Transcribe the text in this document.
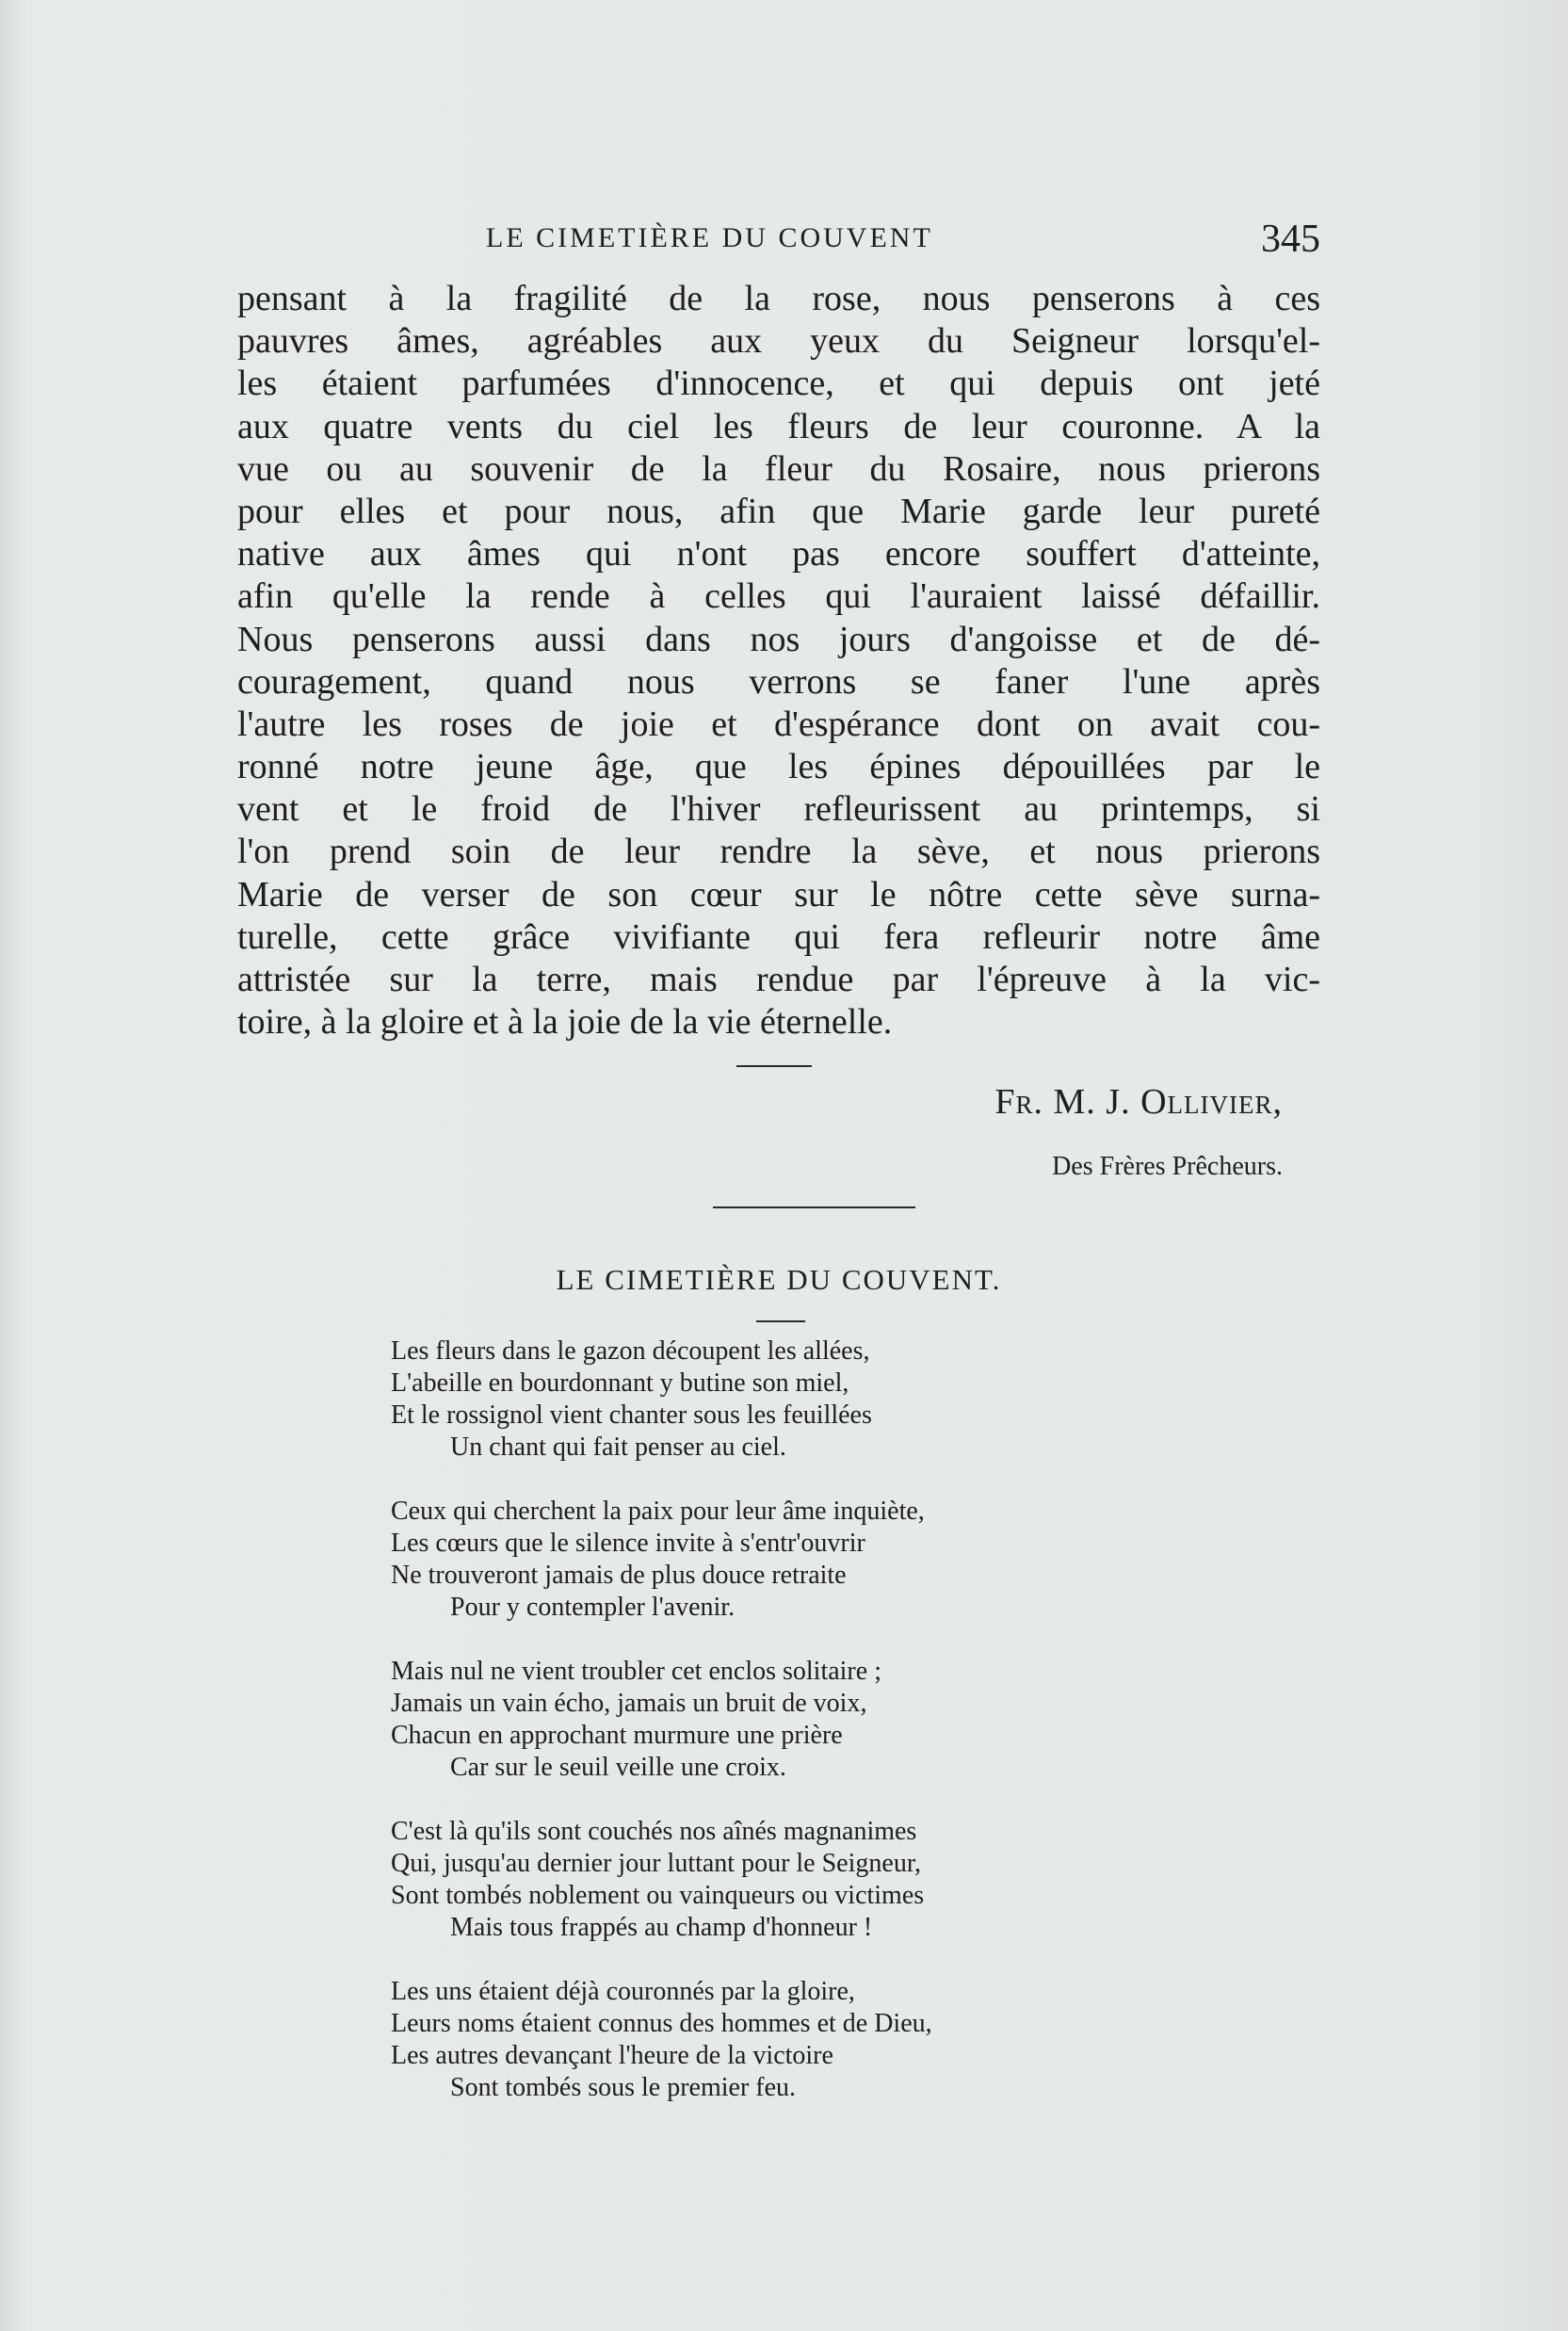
LE CIMETIÈRE DU COUVENT	345
pensant à la fragilité de la rose, nous penserons à ces
pauvres âmes, agréables aux yeux du Seigneur lorsqu'el-
les étaient parfumées d'innocence, et qui depuis ont jeté
aux quatre vents du ciel les fleurs de leur couronne. A la
vue ou au souvenir de la fleur du Rosaire, nous prierons
pour elles et pour nous, afin que Marie garde leur pureté
native aux âmes qui n'ont pas encore souffert d'atteinte,
afin qu'elle la rende à celles qui l'auraient laissé défaillir.
Nous penserons aussi dans nos jours d'angoisse et de dé-
couragement, quand nous verrons se faner l'une après
l'autre les roses de joie et d'espérance dont on avait cou-
ronné notre jeune âge, que les épines dépouillées par le
vent et le froid de l'hiver refleurissent au printemps, si
l'on prend soin de leur rendre la sève, et nous prierons
Marie de verser de son cœur sur le nôtre cette sève surna-
turelle, cette grâce vivifiante qui fera refleurir notre âme
attristée sur la terre, mais rendue par l'épreuve à la vic-
toire, à la gloire et à la joie de la vie éternelle.
Fr. M. J. Ollivier,
Des Frères Prêcheurs.
LE CIMETIÈRE DU COUVENT.
Les fleurs dans le gazon découpent les allées,
L'abeille en bourdonnant y butine son miel,
Et le rossignol vient chanter sous les feuillées
Un chant qui fait penser au ciel.
Ceux qui cherchent la paix pour leur âme inquiète,
Les cœurs que le silence invite à s'entr'ouvrir
Ne trouveront jamais de plus douce retraite
Pour y contempler l'avenir.
Mais nul ne vient troubler cet enclos solitaire ;
Jamais un vain écho, jamais un bruit de voix,
Chacun en approchant murmure une prière
Car sur le seuil veille une croix.
C'est là qu'ils sont couchés nos aînés magnanimes
Qui, jusqu'au dernier jour luttant pour le Seigneur,
Sont tombés noblement ou vainqueurs ou victimes
Mais tous frappés au champ d'honneur !
Les uns étaient déjà couronnés par la gloire,
Leurs noms étaient connus des hommes et de Dieu,
Les autres devançant l'heure de la victoire
Sont tombés sous le premier feu.
